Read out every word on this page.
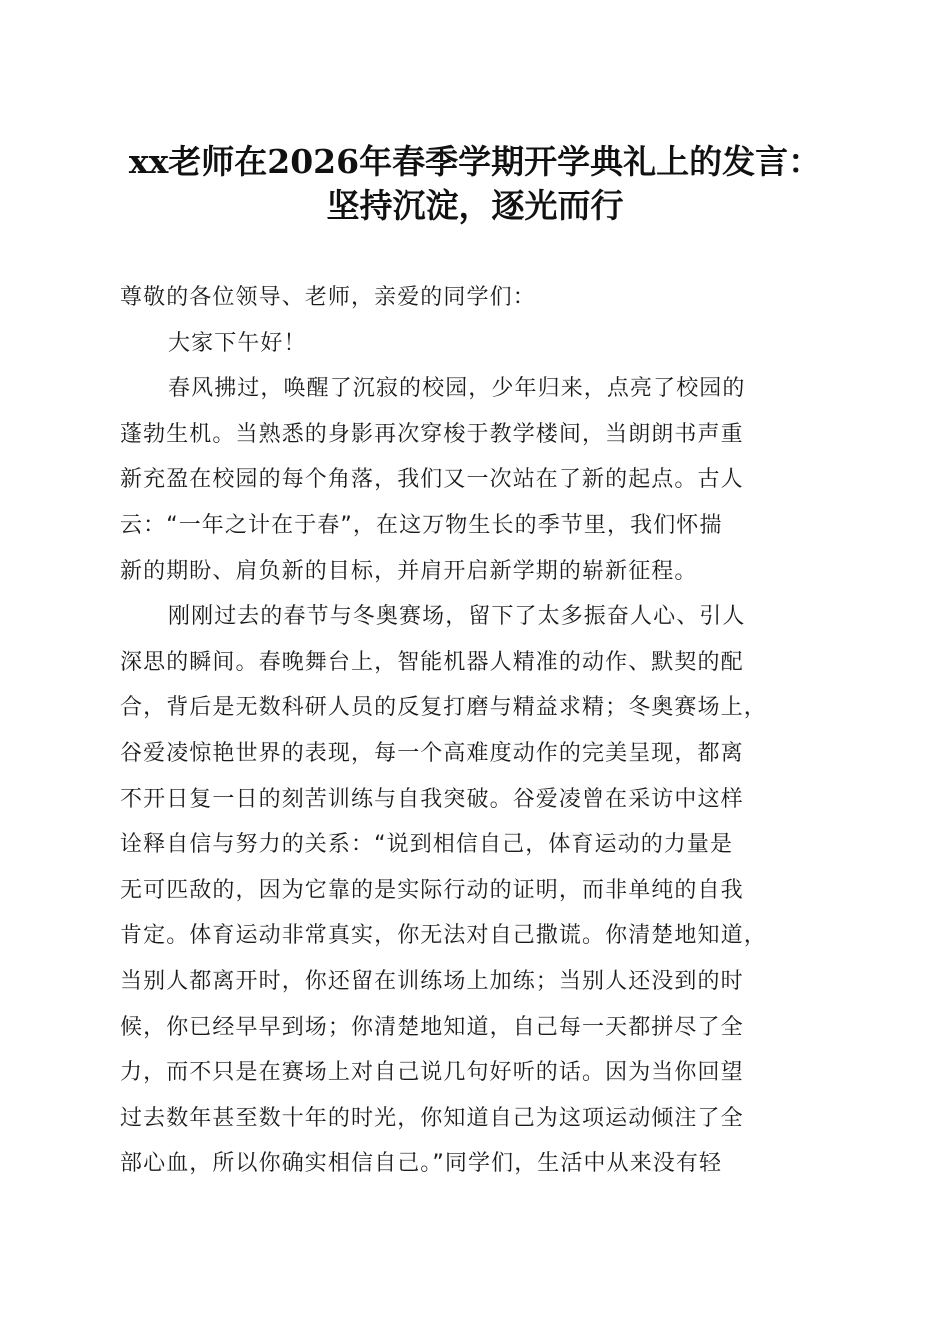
xx老师在2026年春季学期开学典礼上的发言：
坚持沉淀，逐光而行
尊敬的各位领导、老师，亲爱的同学们：
大家下午好！
春风拂过，唤醒了沉寂的校园，少年归来，点亮了校园的
蓬勃生机。当熟悉的身影再次穿梭于教学楼间，当朗朗书声重
新充盈在校园的每个角落，我们又一次站在了新的起点。古人
云：“一年之计在于春”，在这万物生长的季节里，我们怀揣
新的期盼、肩负新的目标，并肩开启新学期的崭新征程。
刚刚过去的春节与冬奥赛场，留下了太多振奋人心、引人
深思的瞬间。春晚舞台上，智能机器人精准的动作、默契的配
合，背后是无数科研人员的反复打磨与精益求精；冬奥赛场上，
谷爱凌惊艳世界的表现，每一个高难度动作的完美呈现，都离
不开日复一日的刻苦训练与自我突破。谷爱凌曾在采访中这样
诠释自信与努力的关系：“说到相信自己，体育运动的力量是
无可匹敌的，因为它靠的是实际行动的证明，而非单纯的自我
肯定。体育运动非常真实，你无法对自己撒谎。你清楚地知道，
当别人都离开时，你还留在训练场上加练；当别人还没到的时
候，你已经早早到场；你清楚地知道，自己每一天都拼尽了全
力，而不只是在赛场上对自己说几句好听的话。因为当你回望
过去数年甚至数十年的时光，你知道自己为这项运动倾注了全
部心血，所以你确实相信自己。”同学们，生活中从来没有轻
